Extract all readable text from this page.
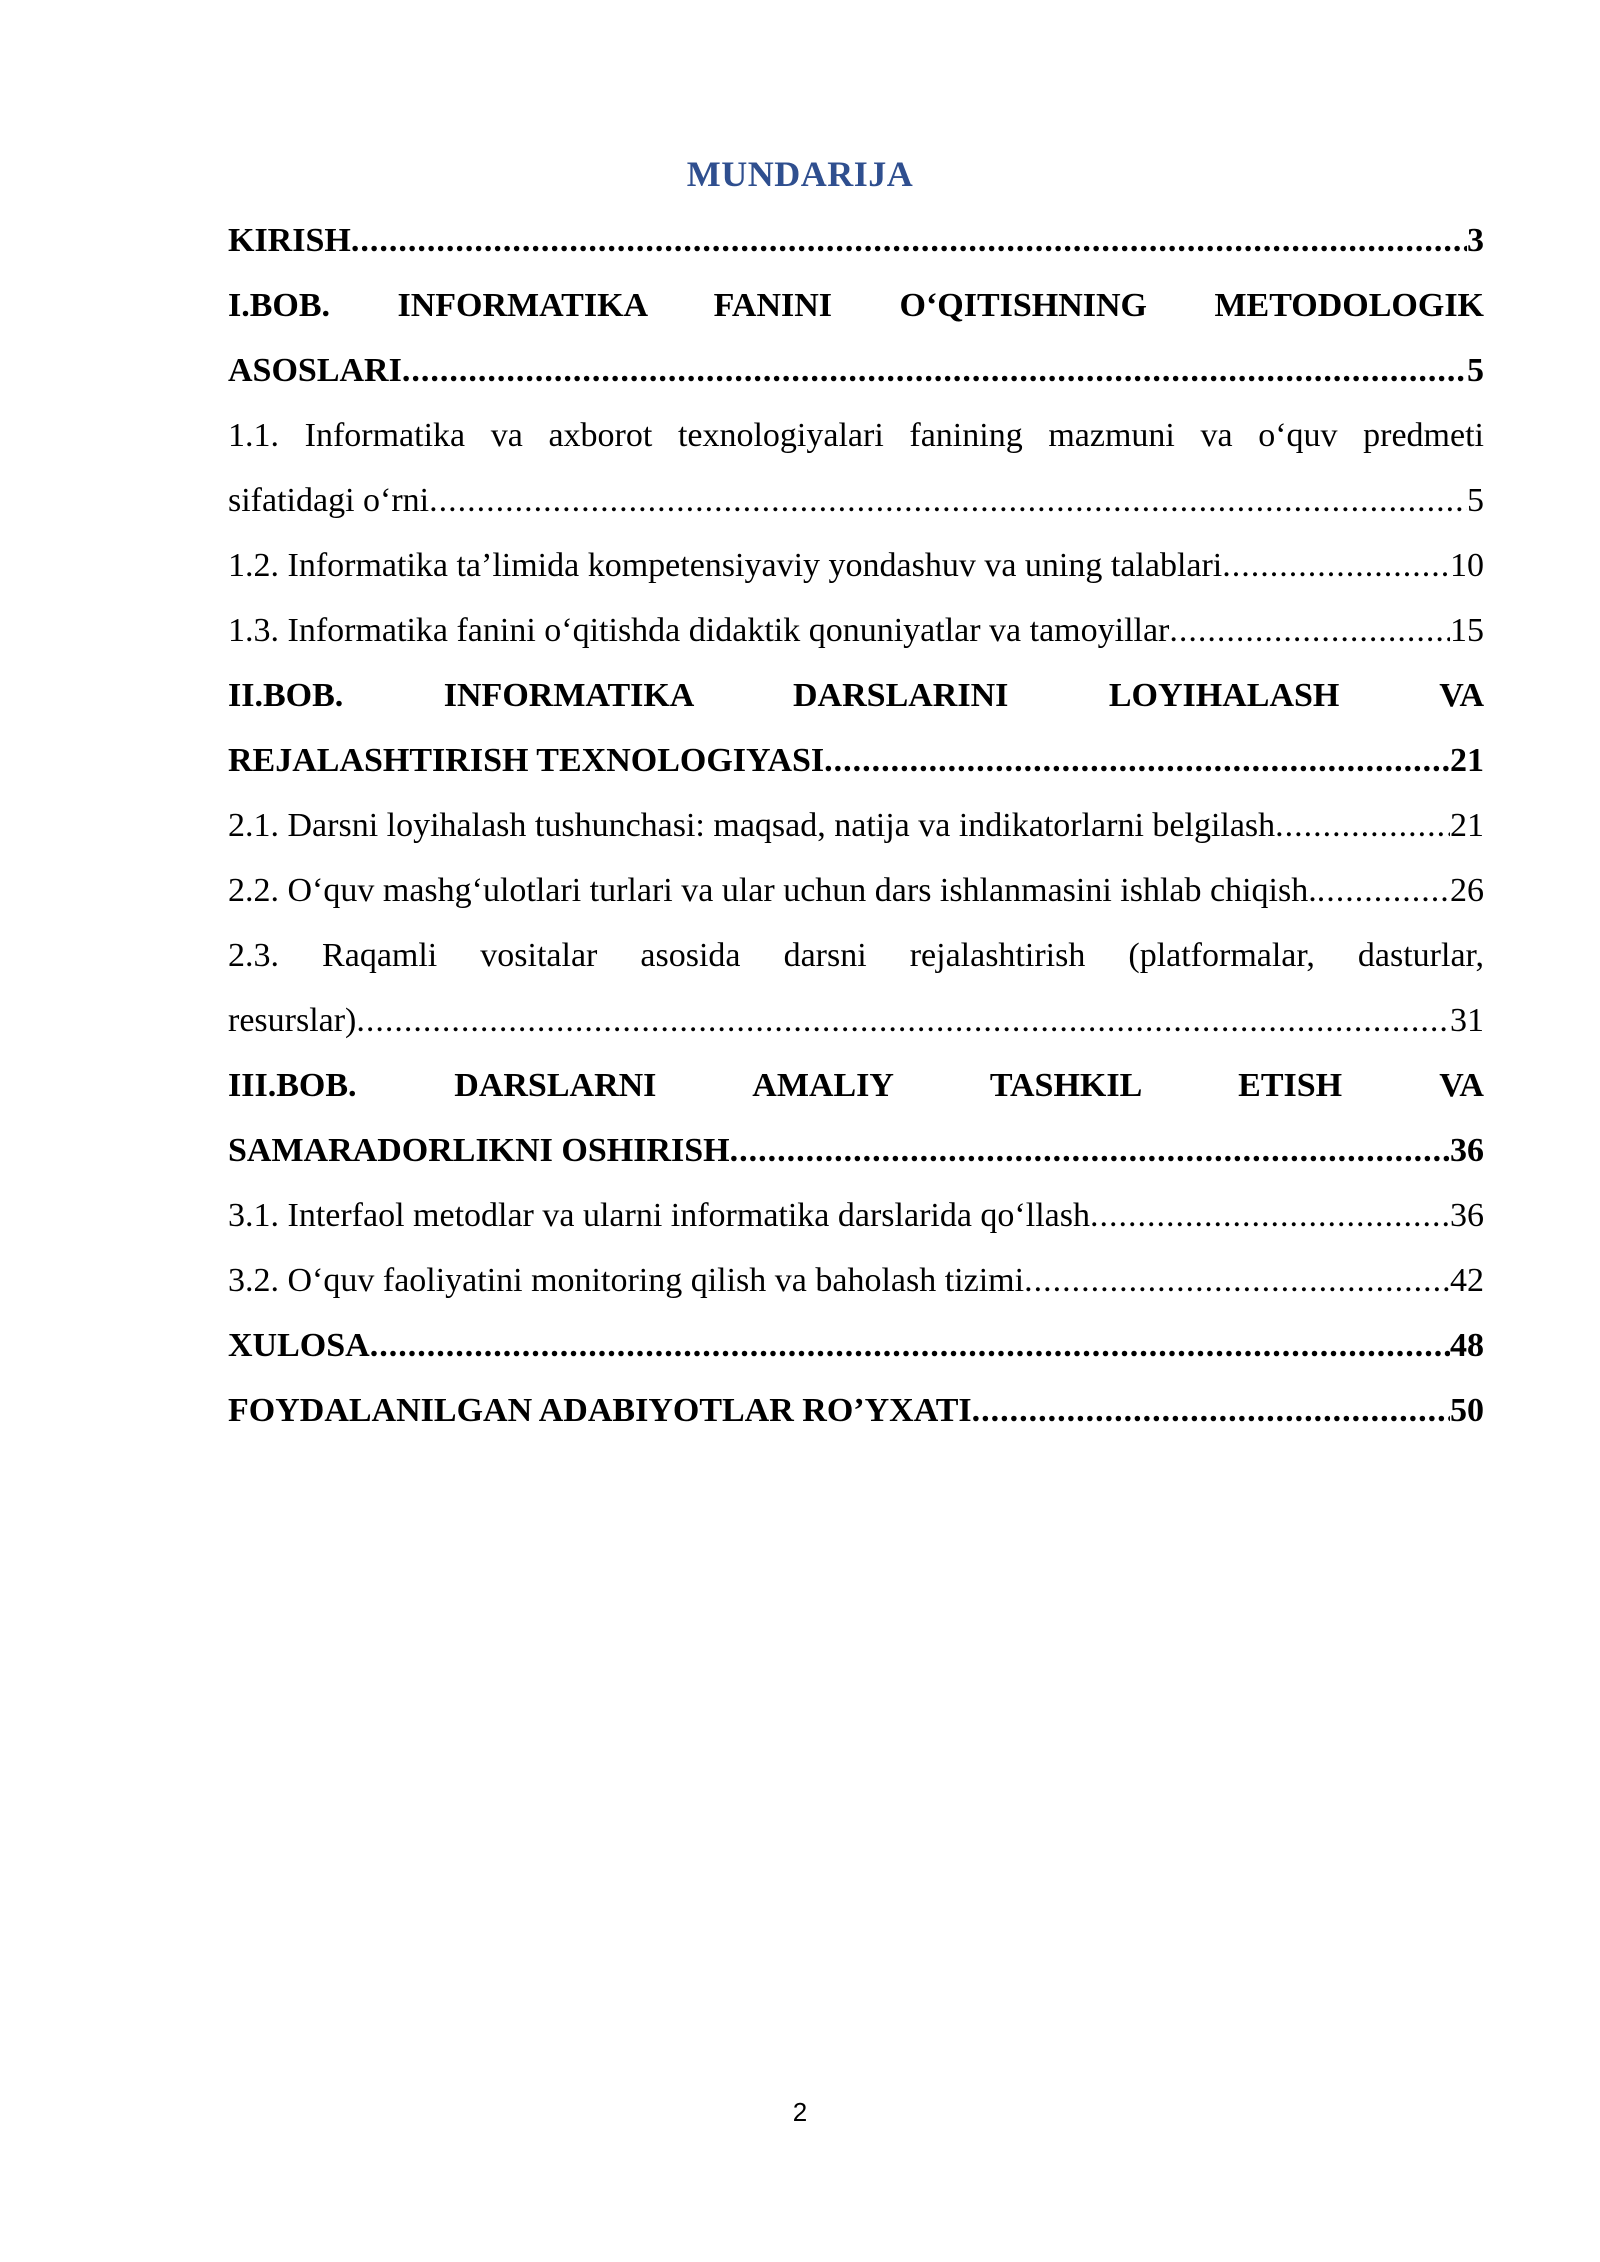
MUNDARIJA
KIRISH .....	3
I.BOB. INFORMATIKA FANINI O‘QITISHNING METODOLOGIK
ASOSLARI .....	5
1.1. Informatika va axborot texnologiyalari fanining mazmuni va o‘quv predmeti
sifatidagi o‘rni .....	5
1.2. Informatika ta’limida kompetensiyaviy yondashuv va uning talablari .....	10
1.3. Informatika fanini o‘qitishda didaktik qonuniyatlar va tamoyillar .....	15
II.BOB. INFORMATIKA DARSLARINI LOYIHALASH VA
REJALASHTIRISH TEXNOLOGIYASI .....	21
2.1. Darsni loyihalash tushunchasi: maqsad, natija va indikatorlarni belgilash .....	21
2.2. O‘quv mashg‘ulotlari turlari va ular uchun dars ishlanmasini ishlab chiqish. .....	26
2.3. Raqamli vositalar asosida darsni rejalashtirish (platformalar, dasturlar,
resurslar) .....	31
III.BOB. DARSLARNI AMALIY TASHKIL ETISH VA
SAMARADORLIKNI OSHIRISH .....	36
3.1. Interfaol metodlar va ularni informatika darslarida qo‘llash .....	36
3.2. O‘quv faoliyatini monitoring qilish va baholash tizimi .....	42
XULOSA .....	48
FOYDALANILGAN ADABIYOTLAR RO’YXATI .....	50
2
